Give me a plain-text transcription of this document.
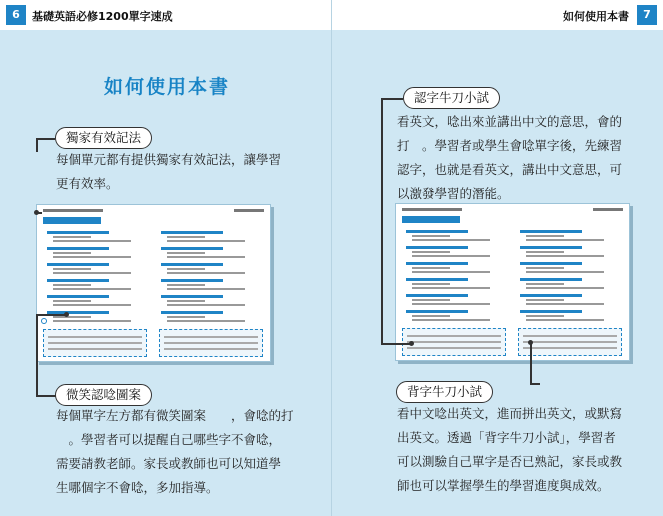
6	基礎英語必修1200單字速成	如何使用本書	7
如何使用本書
獨家有效記法
每個單元都有提供獨家有效記法，讓學習
更有效率。
微笑認唸圖案
每個單字左方都有微笑圖案　　，會唸的打
　。學習者可以提醒自己哪些字不會唸，
需要請教老師。家長或教師也可以知道學
生哪個字不會唸，多加指導。
認字牛刀小試
看英文，唸出來並講出中文的意思，會的
打　。學習者或學生會唸單字後，先練習
認字，也就是看英文，講出中文意思，可
以激發學習的潛能。
背字牛刀小試
看中文唸出英文，進而拼出英文，或默寫
出英文。透過「背字牛刀小試」，學習者
可以測驗自己單字是否已熟記，家長或教
師也可以掌握學生的學習進度與成效。
